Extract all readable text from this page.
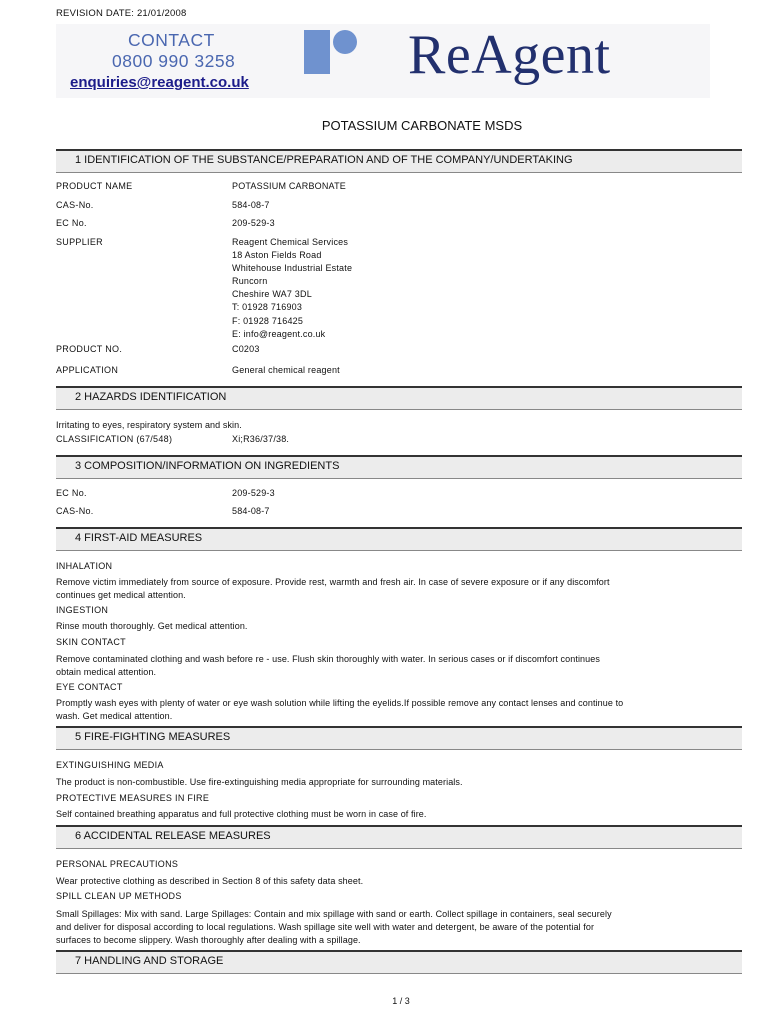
REVISION DATE: 21/01/2008
CONTACT
0800 990 3258
enquiries@reagent.co.uk	ReAgent
POTASSIUM CARBONATE MSDS
1 IDENTIFICATION OF THE SUBSTANCE/PREPARATION AND OF THE COMPANY/UNDERTAKING
PRODUCT NAME	POTASSIUM CARBONATE
CAS-No.	584-08-7
EC No.	209-529-3
SUPPLIER	Reagent Chemical Services
18 Aston Fields Road
Whitehouse Industrial Estate
Runcorn
Cheshire WA7 3DL
T: 01928 716903
F: 01928 716425
E: info@reagent.co.uk
PRODUCT NO.	C0203
APPLICATION	General chemical reagent
2 HAZARDS IDENTIFICATION
Irritating to eyes, respiratory system and skin.
CLASSIFICATION (67/548)	Xi;R36/37/38.
3 COMPOSITION/INFORMATION ON INGREDIENTS
EC No.	209-529-3
CAS-No.	584-08-7
4 FIRST-AID MEASURES
INHALATION
Remove victim immediately from source of exposure. Provide rest, warmth and fresh air. In case of severe exposure or if any discomfort
continues get medical attention.
INGESTION
Rinse mouth thoroughly. Get medical attention.
SKIN CONTACT
Remove contaminated clothing and wash before re - use. Flush skin thoroughly with water. In serious cases or if discomfort continues
obtain medical attention.
EYE CONTACT
Promptly wash eyes with plenty of water or eye wash solution while lifting the eyelids.If possible remove any contact lenses and continue to
wash. Get medical attention.
5 FIRE-FIGHTING MEASURES
EXTINGUISHING MEDIA
The product is non-combustible. Use fire-extinguishing media appropriate for surrounding materials.
PROTECTIVE MEASURES IN FIRE
Self contained breathing apparatus and full protective clothing must be worn in case of fire.
6 ACCIDENTAL RELEASE MEASURES
PERSONAL PRECAUTIONS
Wear protective clothing as described in Section 8 of this safety data sheet.
SPILL CLEAN UP METHODS
Small Spillages: Mix with sand. Large Spillages: Contain and mix spillage with sand or earth. Collect spillage in containers, seal securely
and deliver for disposal according to local regulations. Wash spillage site well with water and detergent, be aware of the potential for
surfaces to become slippery. Wash thoroughly after dealing with a spillage.
7 HANDLING AND STORAGE
1 / 3
